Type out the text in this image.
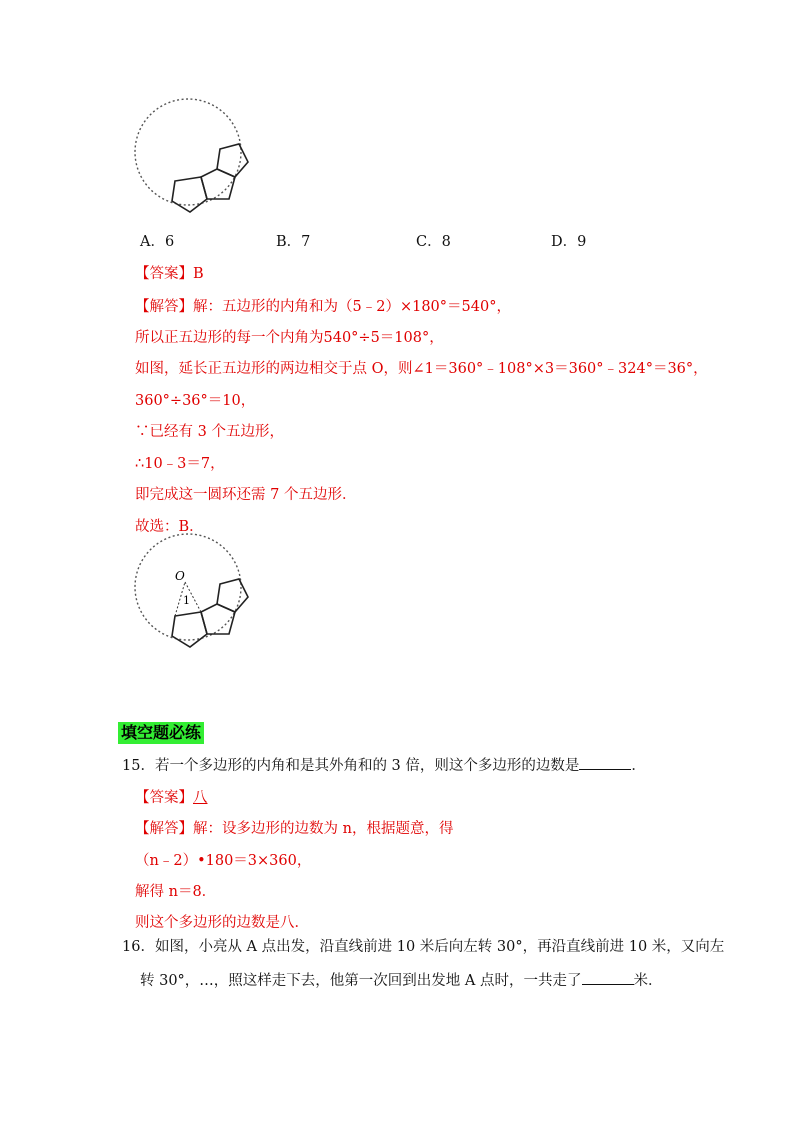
A．6	B．7	C．8	D．9
【答案】B
【解答】解：五边形的内角和为（5﹣2）×180°＝540°，
所以正五边形的每一个内角为540°÷5＝108°，
如图，延长正五边形的两边相交于点 O，则∠1＝360°﹣108°×3＝360°﹣324°＝36°，
360°÷36°＝10，
∵已经有 3 个五边形，
∴10﹣3＝7，
即完成这一圆环还需 7 个五边形．
故选：B．
O
1
填空题必练
15．若一个多边形的内角和是其外角和的 3 倍，则这个多边形的边数是	．
【答案】八
【解答】解：设多边形的边数为 n，根据题意，得
（n﹣2）•180＝3×360，
解得 n＝8．
则这个多边形的边数是八．
16．如图，小亮从 A 点出发，沿直线前进 10 米后向左转 30°，再沿直线前进 10 米，又向左
转 30°，…，照这样走下去，他第一次回到出发地 A 点时，一共走了	米．
